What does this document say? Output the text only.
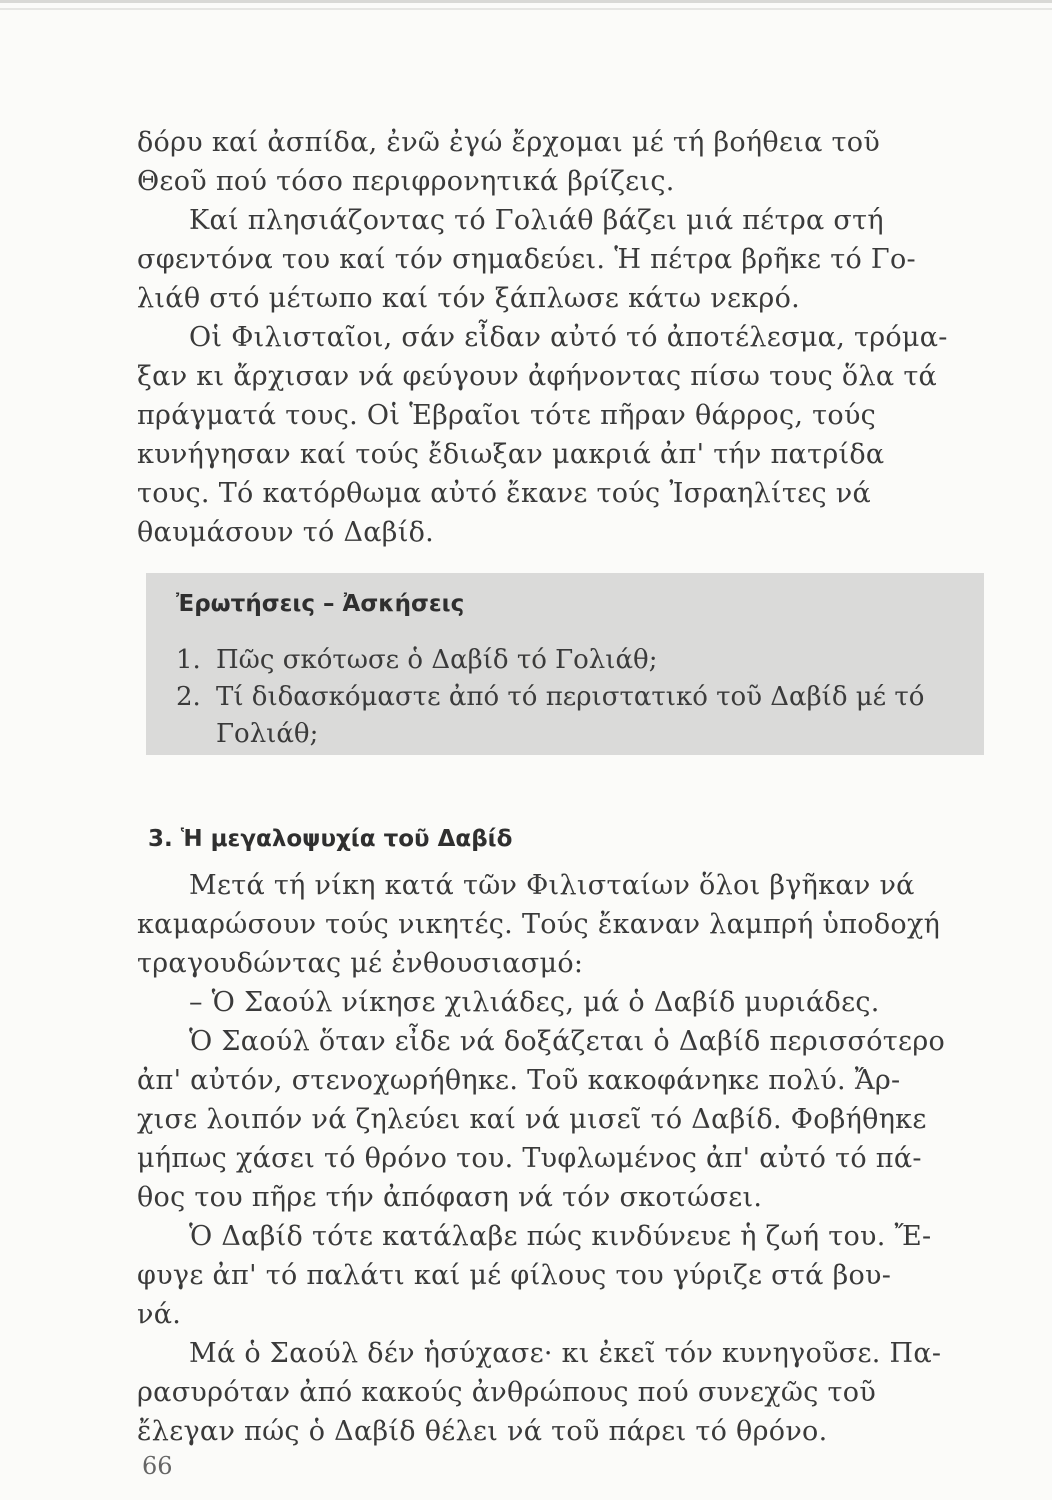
δόρυ καί ἀσπίδα, ἐνῶ ἐγώ ἔρχομαι μέ τή βοήθεια τοῦ
Θεοῦ πού τόσο περιφρονητικά βρίζεις.
Καί πλησιάζοντας τό Γολιάθ βάζει μιά πέτρα στή
σφεντόνα του καί τόν σημαδεύει. Ἡ πέτρα βρῆκε τό Γο-
λιάθ στό μέτωπο καί τόν ξάπλωσε κάτω νεκρό.
Οἱ Φιλισταῖοι, σάν εἶδαν αὐτό τό ἀποτέλεσμα, τρόμα-
ξαν κι ἄρχισαν νά φεύγουν ἀφήνοντας πίσω τους ὅλα τά
πράγματά τους. Οἱ Ἑβραῖοι τότε πῆραν θάρρος, τούς
κυνήγησαν καί τούς ἔδιωξαν μακριά ἀπ' τήν πατρίδα
τους. Τό κατόρθωμα αὐτό ἔκανε τούς Ἰσραηλίτες νά
θαυμάσουν τό Δαβίδ.
Ἐρωτήσεις – Ἀσκήσεις
1. Πῶς σκότωσε ὁ Δαβίδ τό Γολιάθ;
2. Τί διδασκόμαστε ἀπό τό περιστατικό τοῦ Δαβίδ μέ τό
Γολιάθ;
3. Ἡ μεγαλοψυχία τοῦ Δαβίδ
Μετά τή νίκη κατά τῶν Φιλισταίων ὅλοι βγῆκαν νά
καμαρώσουν τούς νικητές. Τούς ἔκαναν λαμπρή ὑποδοχή
τραγουδώντας μέ ἐνθουσιασμό:
– Ὁ Σαούλ νίκησε χιλιάδες, μά ὁ Δαβίδ μυριάδες.
Ὁ Σαούλ ὅταν εἶδε νά δοξάζεται ὁ Δαβίδ περισσότερο
ἀπ' αὐτόν, στενοχωρήθηκε. Τοῦ κακοφάνηκε πολύ. Ἄρ-
χισε λοιπόν νά ζηλεύει καί νά μισεῖ τό Δαβίδ. Φοβήθηκε
μήπως χάσει τό θρόνο του. Τυφλωμένος ἀπ' αὐτό τό πά-
θος του πῆρε τήν ἀπόφαση νά τόν σκοτώσει.
Ὁ Δαβίδ τότε κατάλαβε πώς κινδύνευε ἡ ζωή του. Ἔ-
φυγε ἀπ' τό παλάτι καί μέ φίλους του γύριζε στά βου-
νά.
Μά ὁ Σαούλ δέν ἡσύχασε· κι ἐκεῖ τόν κυνηγοῦσε. Πα-
ρασυρόταν ἀπό κακούς ἀνθρώπους πού συνεχῶς τοῦ
ἔλεγαν πώς ὁ Δαβίδ θέλει νά τοῦ πάρει τό θρόνο.
66
